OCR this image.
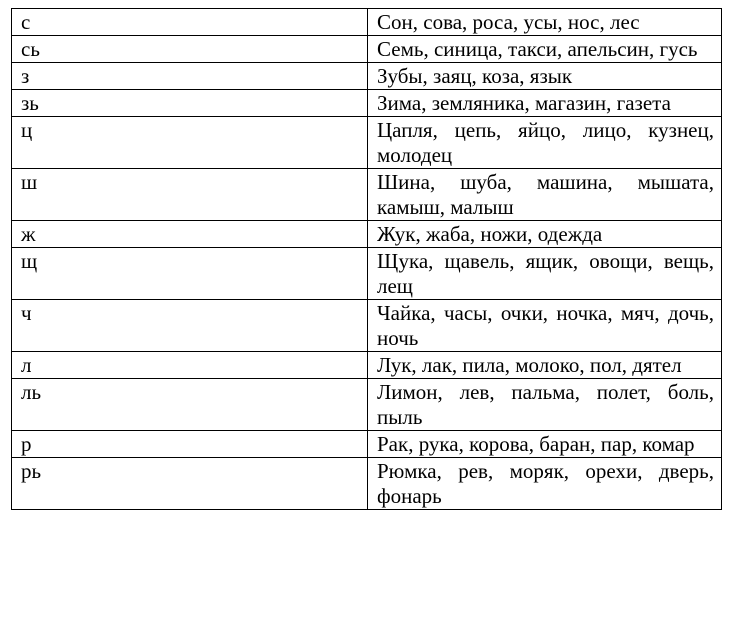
с	Сон, сова, роса, усы, нос, лес
сь	Семь, синица, такси, апельсин, гусь
з	Зубы, заяц, коза, язык
зь	Зима, земляника, магазин, газета
ц	Цапля, цепь, яйцо, лицо, кузнец, молодец
ш	Шина, шуба, машина, мышата, камыш, малыш
ж	Жук, жаба, ножи, одежда
щ	Щука, щавель, ящик, овощи, вещь, лещ
ч	Чайка, часы, очки, ночка, мяч, дочь, ночь
л	Лук, лак, пила, молоко, пол, дятел
ль	Лимон, лев, пальма, полет, боль, пыль
р	Рак, рука, корова, баран, пар, комар
рь	Рюмка, рев, моряк, орехи, дверь, фонарь
